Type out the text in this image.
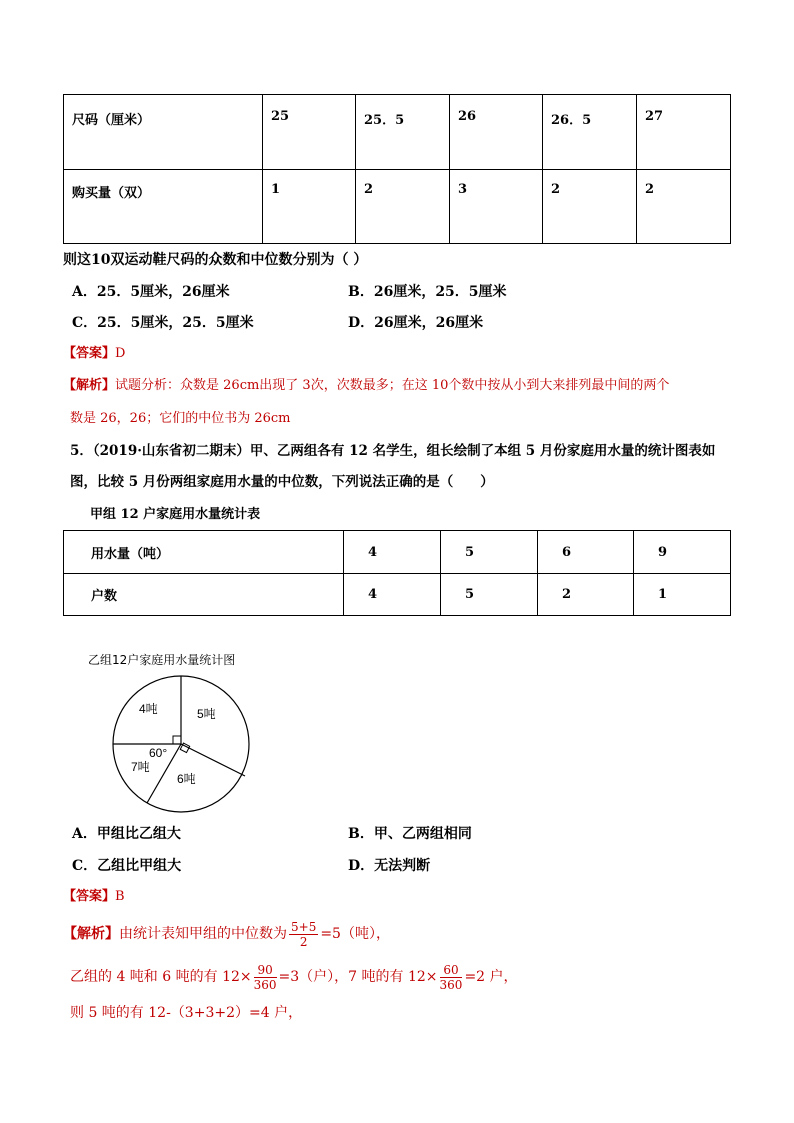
尺码（厘米）	25	25．5	26	26．5	27
购买量（双）	1	2	3	2	2
则这10双运动鞋尺码的众数和中位数分别为（ ）
A．25．5厘米，26厘米	B．26厘米，25．5厘米
C．25．5厘米，25．5厘米	D．26厘米，26厘米
【答案】D
【解析】试题分析：众数是 26cm出现了 3次，次数最多；在这 10个数中按从小到大来排列最中间的两个
数是 26，26；它们的中位书为 26cm
5．（2019·山东省初二期末）甲、乙两组各有 12 名学生，组长绘制了本组 5 月份家庭用水量的统计图表如
图，比较 5 月份两组家庭用水量的中位数，下列说法正确的是（　　）
甲组 12 户家庭用水量统计表
用水量（吨）	4	5	6	9
户数	4	5	2	1
乙组12户家庭用水量统计图
4吨	5吨
60°
7吨
6吨
A．甲组比乙组大	B．甲、乙两组相同
C．乙组比甲组大	D．无法判断
【答案】B
【解析】由统计表知甲组的中位数为 $\frac{5+5}{2} =5$（吨），
乙组的 4 吨和 6 吨的有 $12\times \frac{90}{360} =3$（户），7 吨的有 $12\times \frac{60}{360} =2$ 户，
则 5 吨的有 12-（3+3+2）=4 户，
